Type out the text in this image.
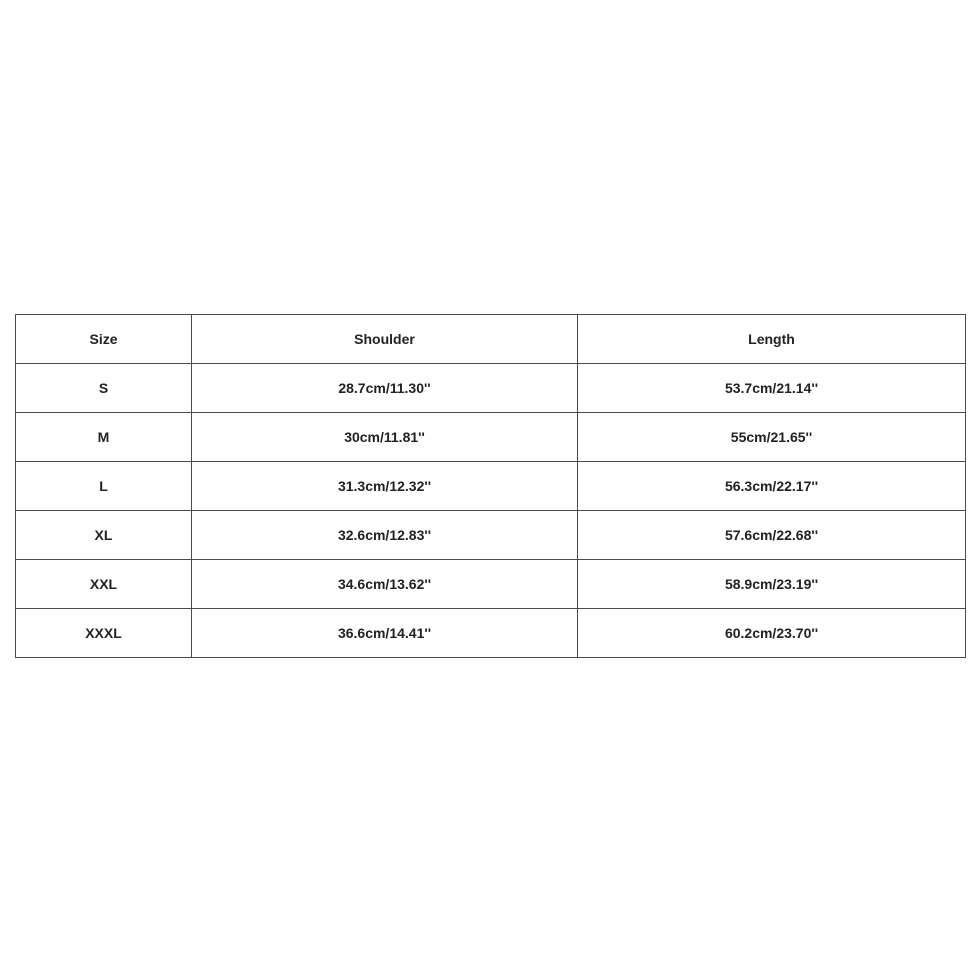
Size	Shoulder	Length
S	28.7cm/11.30''	53.7cm/21.14''
M	30cm/11.81''	55cm/21.65''
L	31.3cm/12.32''	56.3cm/22.17''
XL	32.6cm/12.83''	57.6cm/22.68''
XXL	34.6cm/13.62''	58.9cm/23.19''
XXXL	36.6cm/14.41''	60.2cm/23.70''
